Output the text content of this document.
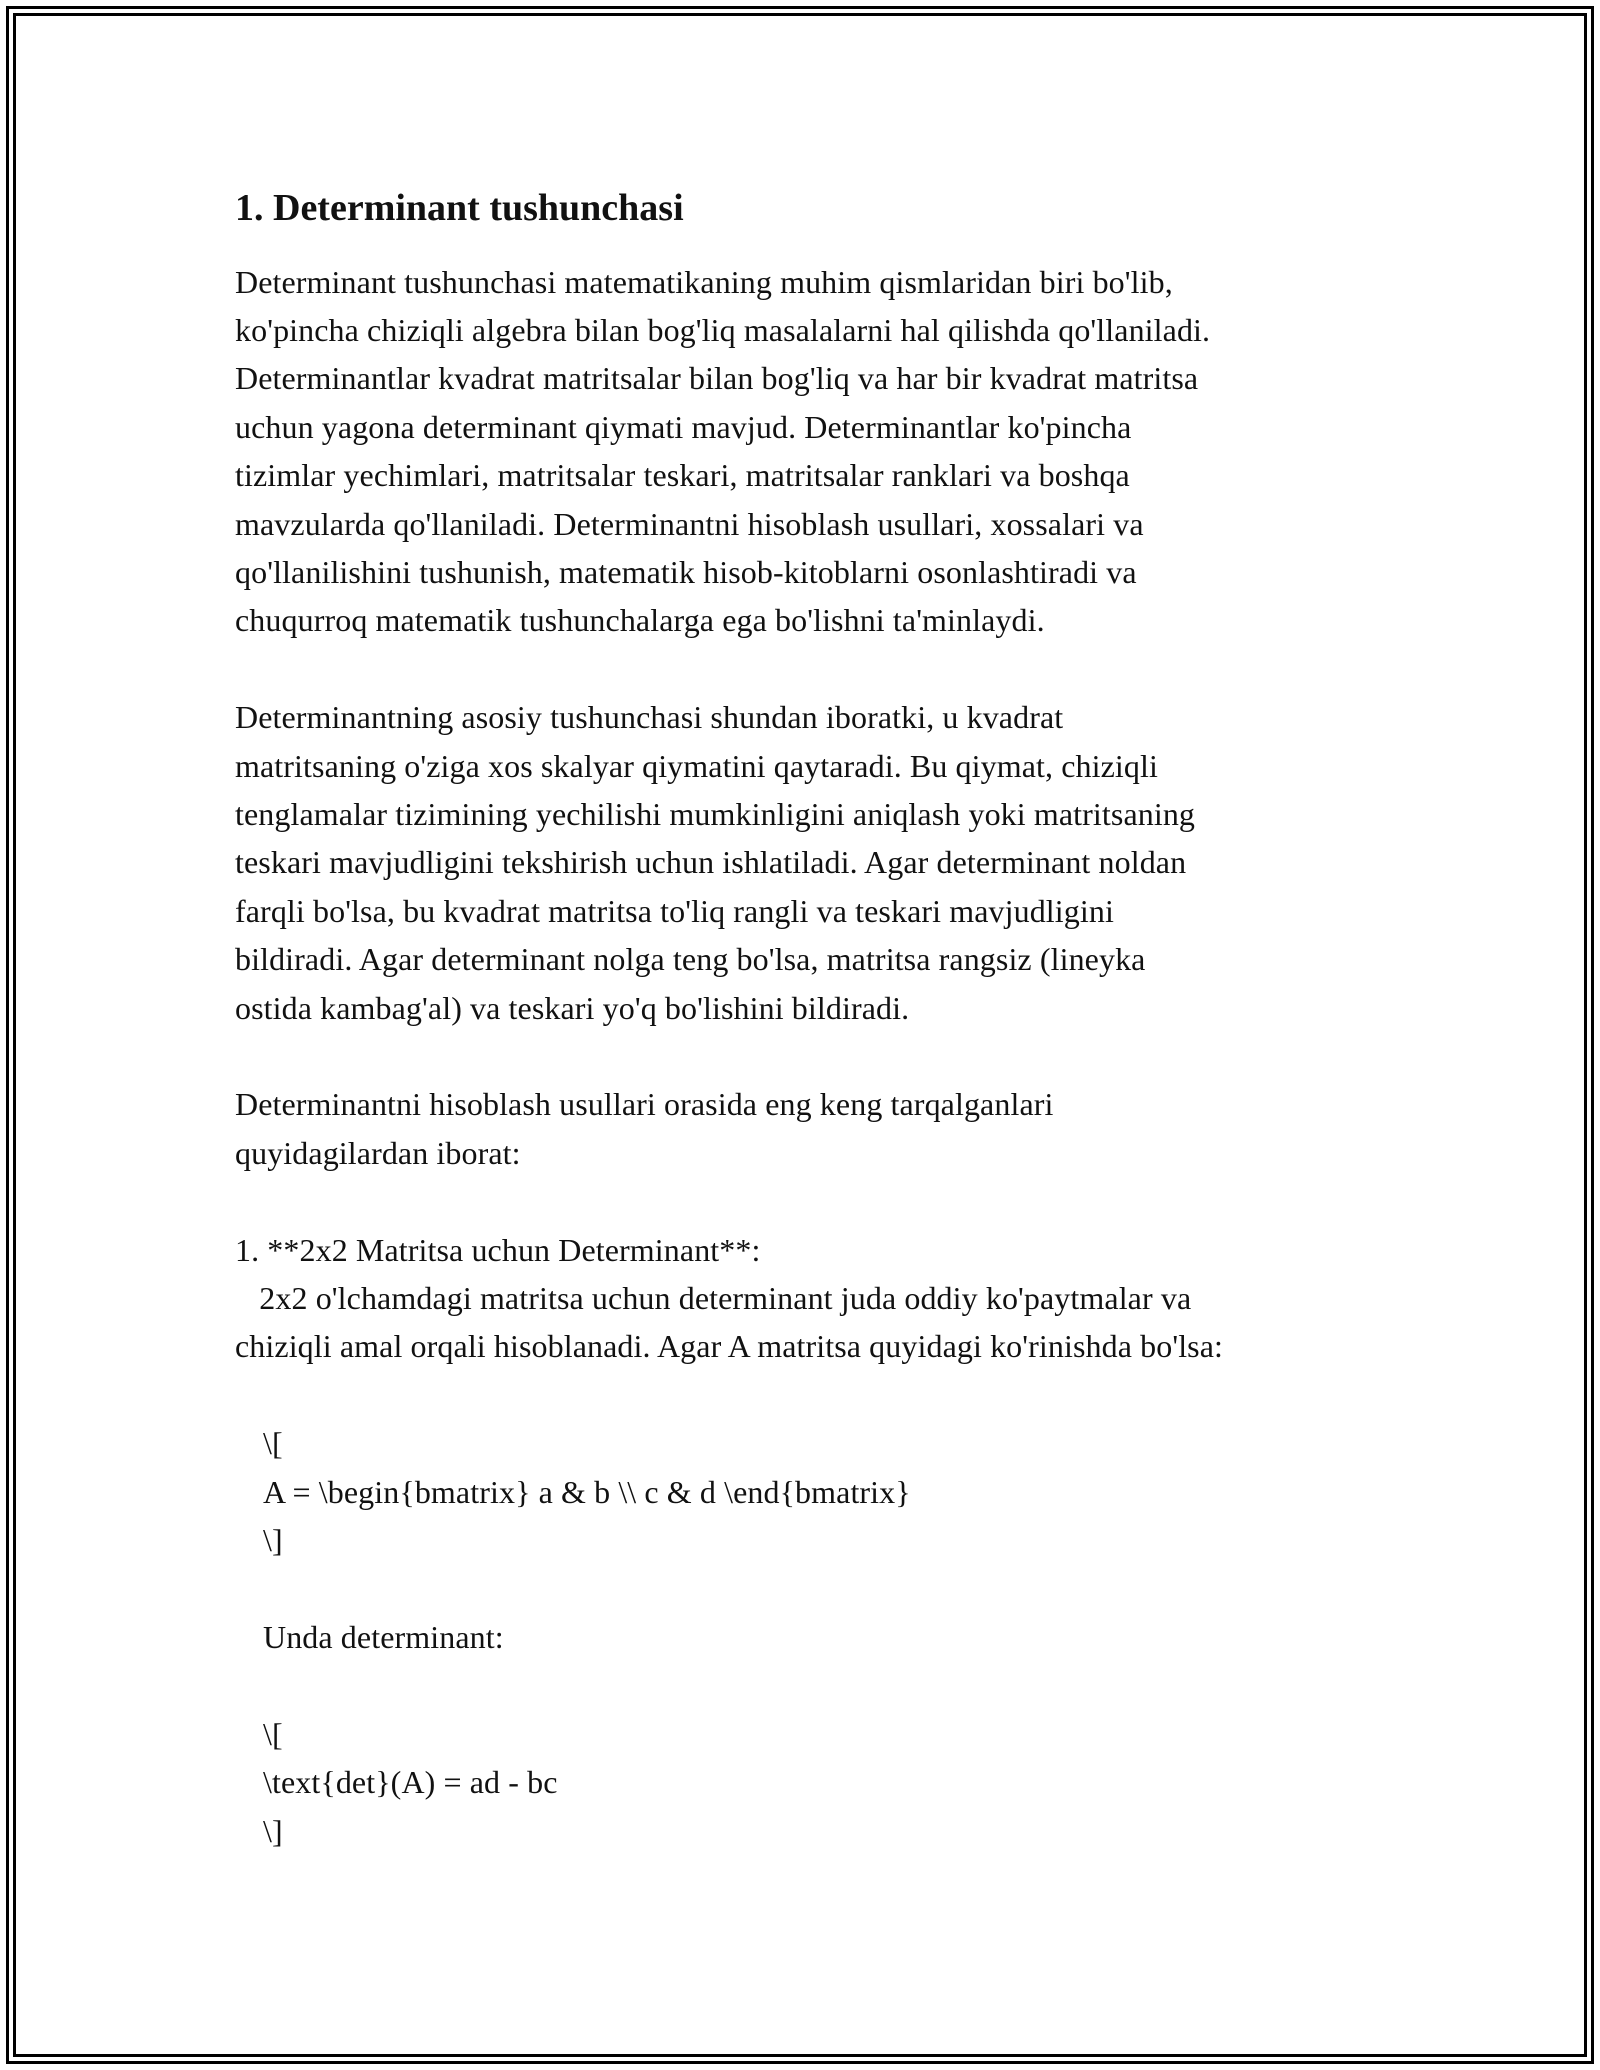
1. Determinant tushunchasi
Determinant tushunchasi matematikaning muhim qismlaridan biri bo'lib,
ko'pincha chiziqli algebra bilan bog'liq masalalarni hal qilishda qo'llaniladi.
Determinantlar kvadrat matritsalar bilan bog'liq va har bir kvadrat matritsa
uchun yagona determinant qiymati mavjud. Determinantlar ko'pincha
tizimlar yechimlari, matritsalar teskari, matritsalar ranklari va boshqa
mavzularda qo'llaniladi. Determinantni hisoblash usullari, xossalari va
qo'llanilishini tushunish, matematik hisob-kitoblarni osonlashtiradi va
chuqurroq matematik tushunchalarga ega bo'lishni ta'minlaydi.
Determinantning asosiy tushunchasi shundan iboratki, u kvadrat
matritsaning o'ziga xos skalyar qiymatini qaytaradi. Bu qiymat, chiziqli
tenglamalar tizimining yechilishi mumkinligini aniqlash yoki matritsaning
teskari mavjudligini tekshirish uchun ishlatiladi. Agar determinant noldan
farqli bo'lsa, bu kvadrat matritsa to'liq rangli va teskari mavjudligini
bildiradi. Agar determinant nolga teng bo'lsa, matritsa rangsiz (lineyka
ostida kambag'al) va teskari yo'q bo'lishini bildiradi.
Determinantni hisoblash usullari orasida eng keng tarqalganlari
quyidagilardan iborat:
1. **2x2 Matritsa uchun Determinant**:
2x2 o'lchamdagi matritsa uchun determinant juda oddiy ko'paytmalar va
chiziqli amal orqali hisoblanadi. Agar A matritsa quyidagi ko'rinishda bo'lsa:
\[
A = \begin{bmatrix} a & b \\ c & d \end{bmatrix}
\]
Unda determinant:
\[
\text{det}(A) = ad - bc
\]
